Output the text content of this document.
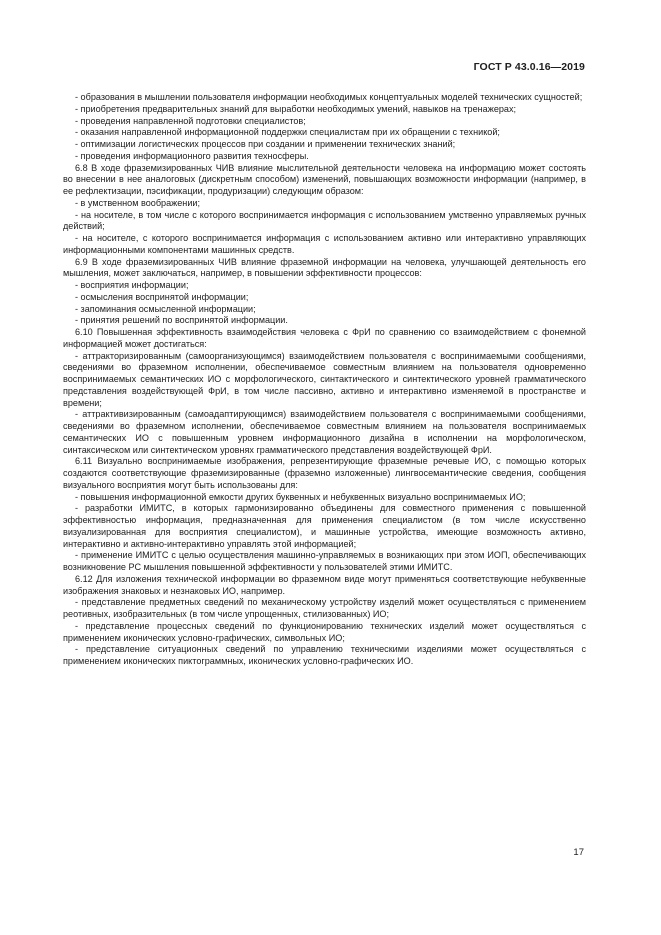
ГОСТ Р 43.0.16—2019

- образования в мышлении пользователя информации необходимых концептуальных моделей технических сущностей;

- приобретения предварительных знаний для выработки необходимых умений, навыков на тренажерах;

- проведения направленной подготовки специалистов;

- оказания направленной информационной поддержки специалистам при их обращении с техникой;

- оптимизации логистических процессов при создании и применении технических знаний;

- проведения информационного развития техносферы.

6.8 В ходе фраземизированных ЧИВ влияние мыслительной деятельности человека на информацию может состоять во внесении в нее аналоговых (дискретным способом) изменений, повышающих возможности информации (например, в ее рефлектизации, пэсификации, продуризации) следующим образом:

- в умственном воображении;

- на носителе, в том числе с которого воспринимается информация с использованием умственно управляемых ручных действий;

- на носителе, с которого воспринимается информация с использованием активно или интерактивно управляющих информационными компонентами машинных средств.

6.9 В ходе фраземизированных ЧИВ влияние фраземной информации на человека, улучшающей деятельность его мышления, может заключаться, например, в повышении эффективности процессов:

- восприятия информации;

- осмысления воспринятой информации;

- запоминания осмысленной информации;

- принятия решений по воспринятой информации.

6.10 Повышенная эффективность взаимодействия человека с ФрИ по сравнению со взаимодействием с фонемной информацией может достигаться:

- аттракторизированным (самоорганизующимся) взаимодействием пользователя с воспринимаемыми сообщениями, сведениями во фраземном исполнении, обеспечиваемое совместным влиянием на пользователя одновременно воспринимаемых семантических ИО с морфологического, синтактического и синтектического уровней грамматического представления воздействующей ФрИ, в том числе пассивно, активно и интерактивно изменяемой в пространстве и времени;

- аттрактивизированным (самоадаптирующимся) взаимодействием пользователя с воспринимаемыми сообщениями, сведениями во фраземном исполнении, обеспечиваемое совместным влиянием на пользователя воспринимаемых семантических ИО с повышенным уровнем информационного дизайна в исполнении на морфологическом, синтаксическом или синтектическом уровнях грамматического представления воздействующей ФрИ.

6.11 Визуально воспринимаемые изображения, репрезентирующие фраземные речевые ИО, с помощью которых создаются соответствующие фраземизированные (фраземно изложенные) лингвосемантические сведения, сообщения визуального восприятия могут быть использованы для:

- повышения информационной емкости других буквенных и небуквенных визуально воспринимаемых ИО;

- разработки ИМИТС, в которых гармонизированно объединены для совместного применения с повышенной эффективностью информация, предназначенная для применения специалистом (в том числе искусственно визуализированная для восприятия специалистом), и машинные устройства, имеющие возможность активно, интерактивно и активно-интерактивно управлять этой информацией;

- применение ИМИТС с целью осуществления машинно-управляемых в возникающих при этом ИОП, обеспечивающих возникновение РС мышления повышенной эффективности у пользователей этими ИМИТС.

6.12 Для изложения технической информации во фраземном виде могут применяться соответствующие небуквенные изображения знаковых и незнаковых ИО, например.

- представление предметных сведений по механическому устройству изделий может осуществляться с применением реотивных, изобразительных (в том числе упрощенных, стилизованных) ИО;

- представление процессных сведений по функционированию технических изделий может осуществляться с применением иконических условно-графических, символьных ИО;

- представление ситуационных сведений по управлению техническими изделиями может осуществляться с применением иконических пиктограммных, иконических условно-графических ИО.

17
